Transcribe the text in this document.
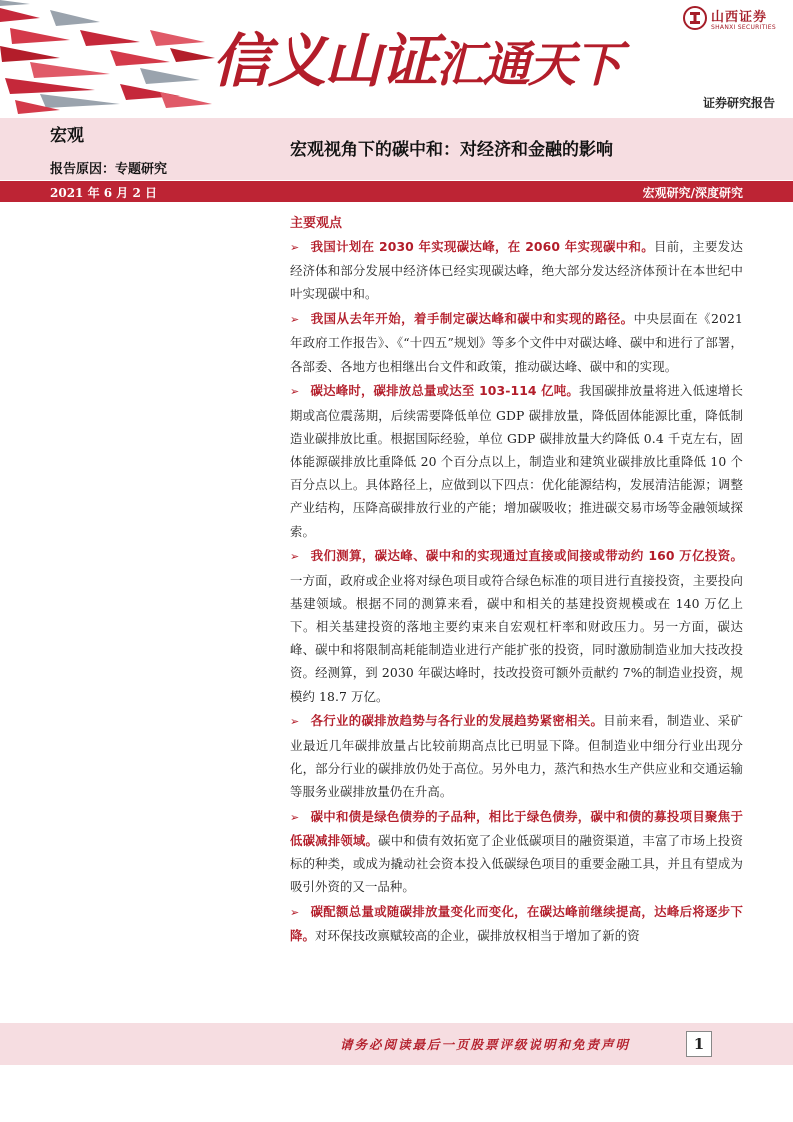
信义山证汇通天下
山西证券
SHANXI SECURITIES
证券研究报告
宏观
报告原因：专题研究
宏观视角下的碳中和：对经济和金融的影响
2021 年 6 月 2 日	宏观研究/深度研究
主要观点

➢ 我国计划在 2030 年实现碳达峰，在 2060 年实现碳中和。目前，主要发达经济体和部分发展中经济体已经实现碳达峰，绝大部分发达经济体预计在本世纪中叶实现碳中和。

➢ 我国从去年开始，着手制定碳达峰和碳中和实现的路径。中央层面在《2021 年政府工作报告》、《“十四五”规划》等多个文件中对碳达峰、碳中和进行了部署，各部委、各地方也相继出台文件和政策，推动碳达峰、碳中和的实现。

➢ 碳达峰时，碳排放总量或达至 103-114 亿吨。我国碳排放量将进入低速增长期或高位震荡期，后续需要降低单位 GDP 碳排放量，降低固体能源比重，降低制造业碳排放比重。根据国际经验，单位 GDP 碳排放量大约降低 0.4 千克左右，固体能源碳排放比重降低 20 个百分点以上，制造业和建筑业碳排放比重降低 10 个百分点以上。具体路径上，应做到以下四点：优化能源结构，发展清洁能源；调整产业结构，压降高碳排放行业的产能；增加碳吸收；推进碳交易市场等金融领域探索。

➢ 我们测算，碳达峰、碳中和的实现通过直接或间接或带动约 160 万亿投资。一方面，政府或企业将对绿色项目或符合绿色标准的项目进行直接投资，主要投向基建领域。根据不同的测算来看，碳中和相关的基建投资规模或在 140 万亿上下。相关基建投资的落地主要约束来自宏观杠杆率和财政压力。另一方面，碳达峰、碳中和将限制高耗能制造业进行产能扩张的投资，同时激励制造业加大技改投资。经测算，到 2030 年碳达峰时，技改投资可额外贡献约 7%的制造业投资，规模约 18.7 万亿。

➢ 各行业的碳排放趋势与各行业的发展趋势紧密相关。目前来看，制造业、采矿业最近几年碳排放量占比较前期高点比已明显下降。但制造业中细分行业出现分化，部分行业的碳排放仍处于高位。另外电力，蒸汽和热水生产供应业和交通运输等服务业碳排放量仍在升高。

➢ 碳中和债是绿色债券的子品种，相比于绿色债券，碳中和债的募投项目聚焦于低碳减排领域。碳中和债有效拓宽了企业低碳项目的融资渠道，丰富了市场上投资标的种类，或成为撬动社会资本投入低碳绿色项目的重要金融工具，并且有望成为吸引外资的又一品种。

➢ 碳配额总量或随碳排放量变化而变化，在碳达峰前继续提高，达峰后将逐步下降。对环保技改禀赋较高的企业，碳排放权相当于增加了新的资

请务必阅读最后一页股票评级说明和免责声明	1
